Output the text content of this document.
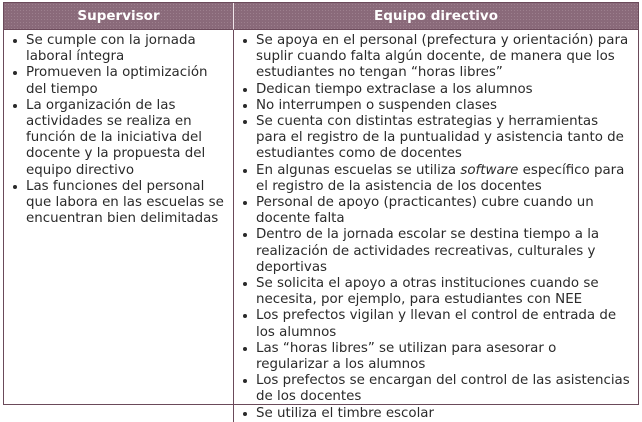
Supervisor	Equipo directivo
Se cumple con la jornada laboral íntegra
Promueven la optimización del tiempo
La organización de las actividades se realiza en función de la iniciativa del docente y la propuesta del equipo directivo
Las funciones del personal que labora en las escuelas se encuentran bien delimitadas
Se apoya en el personal (prefectura y orientación) para suplir cuando falta algún docente, de manera que los estudiantes no tengan “horas libres”
Dedican tiempo extraclase a los alumnos
No interrumpen o suspenden clases
Se cuenta con distintas estrategias y herramientas para el registro de la puntualidad y asistencia tanto de estudiantes como de docentes
En algunas escuelas se utiliza software específico para el registro de la asistencia de los docentes
Personal de apoyo (practicantes) cubre cuando un docente falta
Dentro de la jornada escolar se destina tiempo a la realización de actividades recreativas, culturales y deportivas
Se solicita el apoyo a otras instituciones cuando se necesita, por ejemplo, para estudiantes con NEE
Los prefectos vigilan y llevan el control de entrada de los alumnos
Las “horas libres” se utilizan para asesorar o regularizar a los alumnos
Los prefectos se encargan del control de las asistencias de los docentes
Se utiliza el timbre escolar
